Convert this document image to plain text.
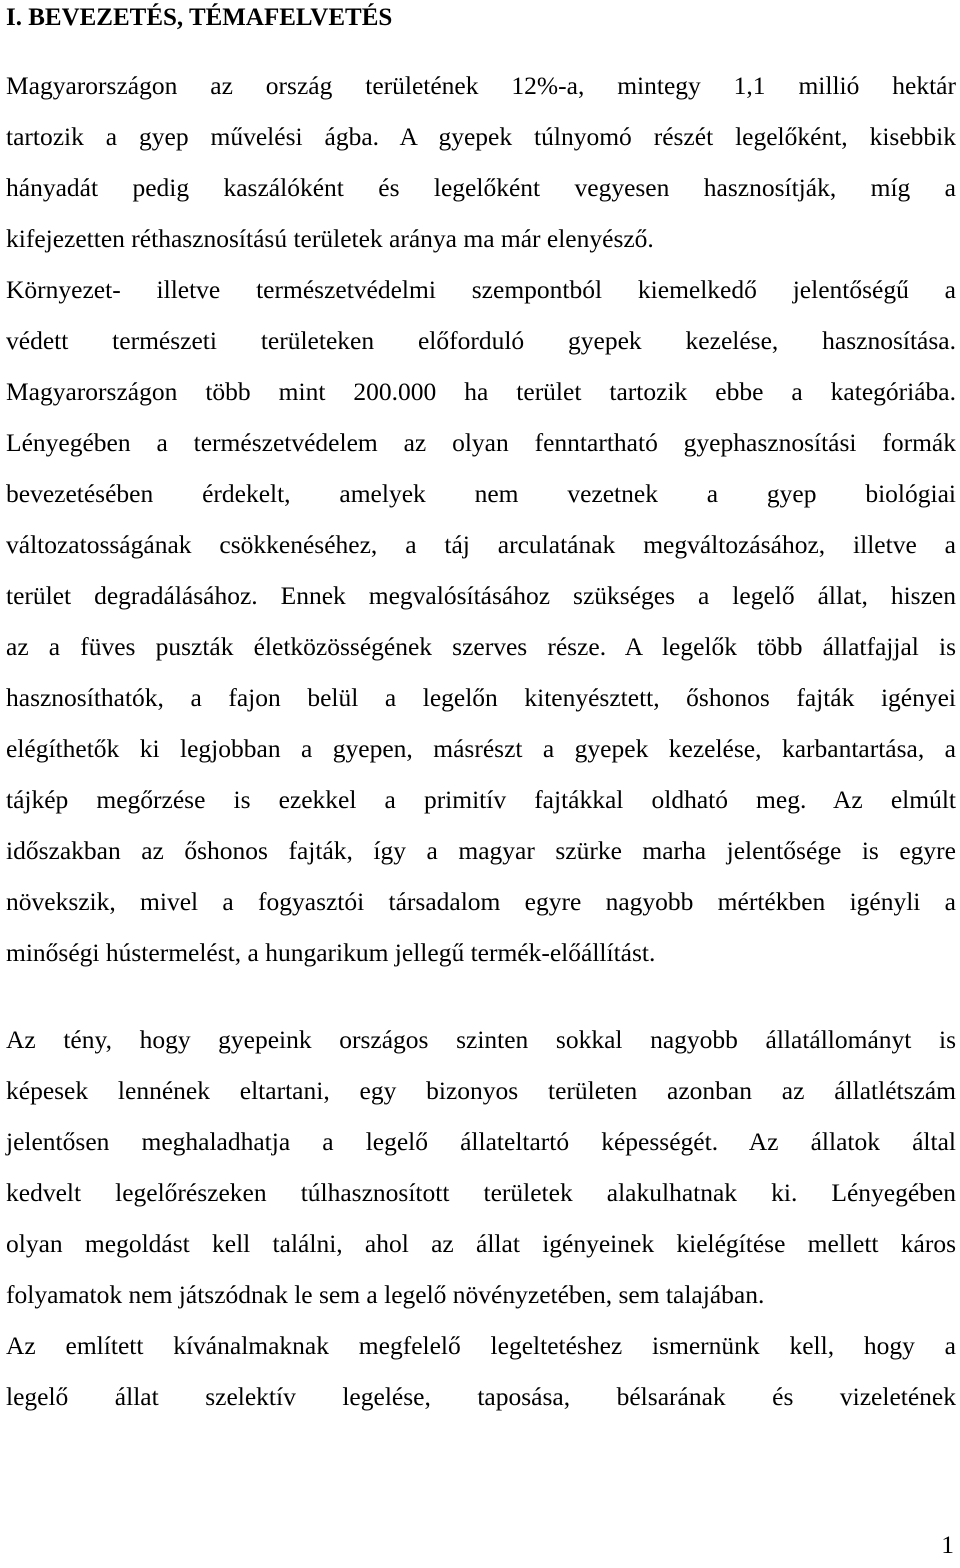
I. BEVEZETÉS, TÉMAFELVETÉS
Magyarországon az ország területének 12%-a, mintegy 1,1 millió hektár
tartozik a gyep művelési ágba. A gyepek túlnyomó részét legelőként, kisebbik
hányadát pedig kaszálóként és legelőként vegyesen hasznosítják, míg a
kifejezetten réthasznosítású területek aránya ma már elenyésző.
Környezet- illetve természetvédelmi szempontból kiemelkedő jelentőségű a
védett természeti területeken előforduló gyepek kezelése, hasznosítása.
Magyarországon több mint 200.000 ha terület tartozik ebbe a kategóriába.
Lényegében a természetvédelem az olyan fenntartható gyephasznosítási formák
bevezetésében érdekelt, amelyek nem vezetnek a gyep biológiai
változatosságának csökkenéséhez, a táj arculatának megváltozásához, illetve a
terület degradálásához. Ennek megvalósításához szükséges a legelő állat, hiszen
az a füves puszták életközösségének szerves része. A legelők több állatfajjal is
hasznosíthatók, a fajon belül a legelőn kitenyésztett, őshonos fajták igényei
elégíthetők ki legjobban a gyepen, másrészt a gyepek kezelése, karbantartása, a
tájkép megőrzése is ezekkel a primitív fajtákkal oldható meg. Az elmúlt
időszakban az őshonos fajták, így a magyar szürke marha jelentősége is egyre
növekszik, mivel a fogyasztói társadalom egyre nagyobb mértékben igényli a
minőségi hústermelést, a hungarikum jellegű termék-előállítást.
Az tény, hogy gyepeink országos szinten sokkal nagyobb állatállományt is
képesek lennének eltartani, egy bizonyos területen azonban az állatlétszám
jelentősen meghaladhatja a legelő állateltartó képességét. Az állatok által
kedvelt legelőrészeken túlhasznosított területek alakulhatnak ki. Lényegében
olyan megoldást kell találni, ahol az állat igényeinek kielégítése mellett káros
folyamatok nem játszódnak le sem a legelő növényzetében, sem talajában.
Az említett kívánalmaknak megfelelő legeltetéshez ismernünk kell, hogy a
legelő állat szelektív legelése, taposása, bélsarának és vizeletének
1
